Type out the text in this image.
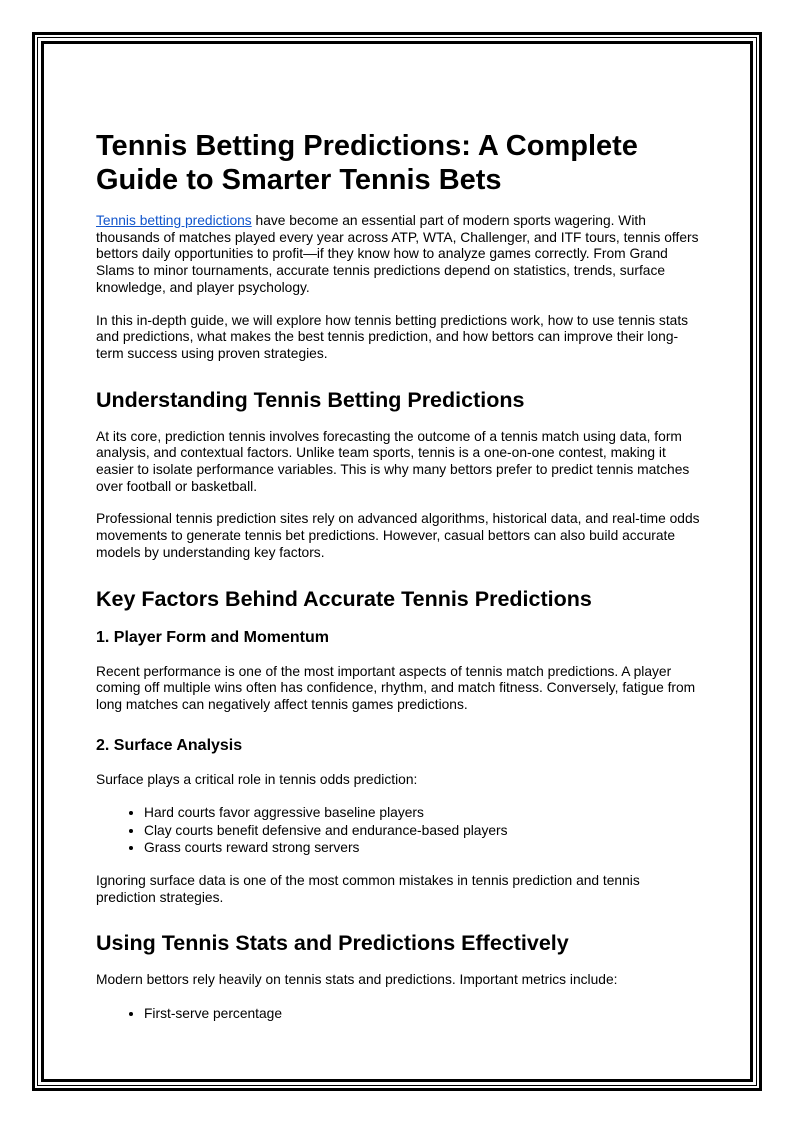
Tennis Betting Predictions: A Complete Guide to Smarter Tennis Bets

Tennis betting predictions have become an essential part of modern sports wagering. With thousands of matches played every year across ATP, WTA, Challenger, and ITF tours, tennis offers bettors daily opportunities to profit—if they know how to analyze games correctly. From Grand Slams to minor tournaments, accurate tennis predictions depend on statistics, trends, surface knowledge, and player psychology.

In this in-depth guide, we will explore how tennis betting predictions work, how to use tennis stats and predictions, what makes the best tennis prediction, and how bettors can improve their long-term success using proven strategies.

Understanding Tennis Betting Predictions

At its core, prediction tennis involves forecasting the outcome of a tennis match using data, form analysis, and contextual factors. Unlike team sports, tennis is a one-on-one contest, making it easier to isolate performance variables. This is why many bettors prefer to predict tennis matches over football or basketball.

Professional tennis prediction sites rely on advanced algorithms, historical data, and real-time odds movements to generate tennis bet predictions. However, casual bettors can also build accurate models by understanding key factors.

Key Factors Behind Accurate Tennis Predictions
1. Player Form and Momentum

Recent performance is one of the most important aspects of tennis match predictions. A player coming off multiple wins often has confidence, rhythm, and match fitness. Conversely, fatigue from long matches can negatively affect tennis games predictions.

2. Surface Analysis

Surface plays a critical role in tennis odds prediction:

• Hard courts favor aggressive baseline players
• Clay courts benefit defensive and endurance-based players
• Grass courts reward strong servers

Ignoring surface data is one of the most common mistakes in tennis prediction and tennis prediction strategies.

Using Tennis Stats and Predictions Effectively

Modern bettors rely heavily on tennis stats and predictions. Important metrics include:

• First-serve percentage
